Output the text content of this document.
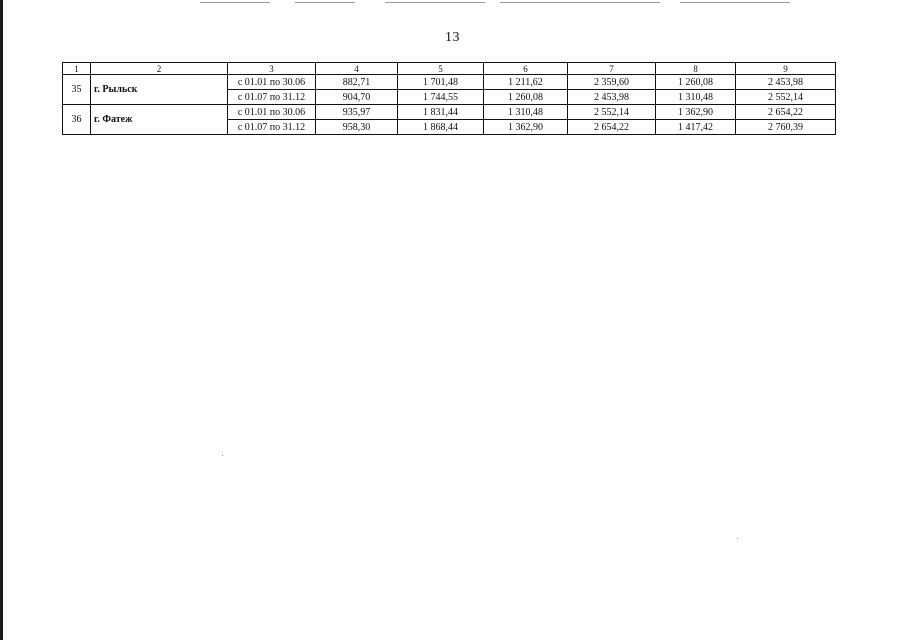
13
1	2	3	4	5	6	7	8	9
35	г. Рыльск	с 01.01 по 30.06	882,71	1 701,48	1 211,62	2 359,60	1 260,08	2 453,98
		с 01.07 по 31.12	904,70	1 744,55	1 260,08	2 453,98	1 310,48	2 552,14
36	г. Фатеж	с 01.01 по 30.06	935,97	1 831,44	1 310,48	2 552,14	1 362,90	2 654,22
		с 01.07 по 31.12	958,30	1 868,44	1 362,90	2 654,22	1 417,42	2 760,39
